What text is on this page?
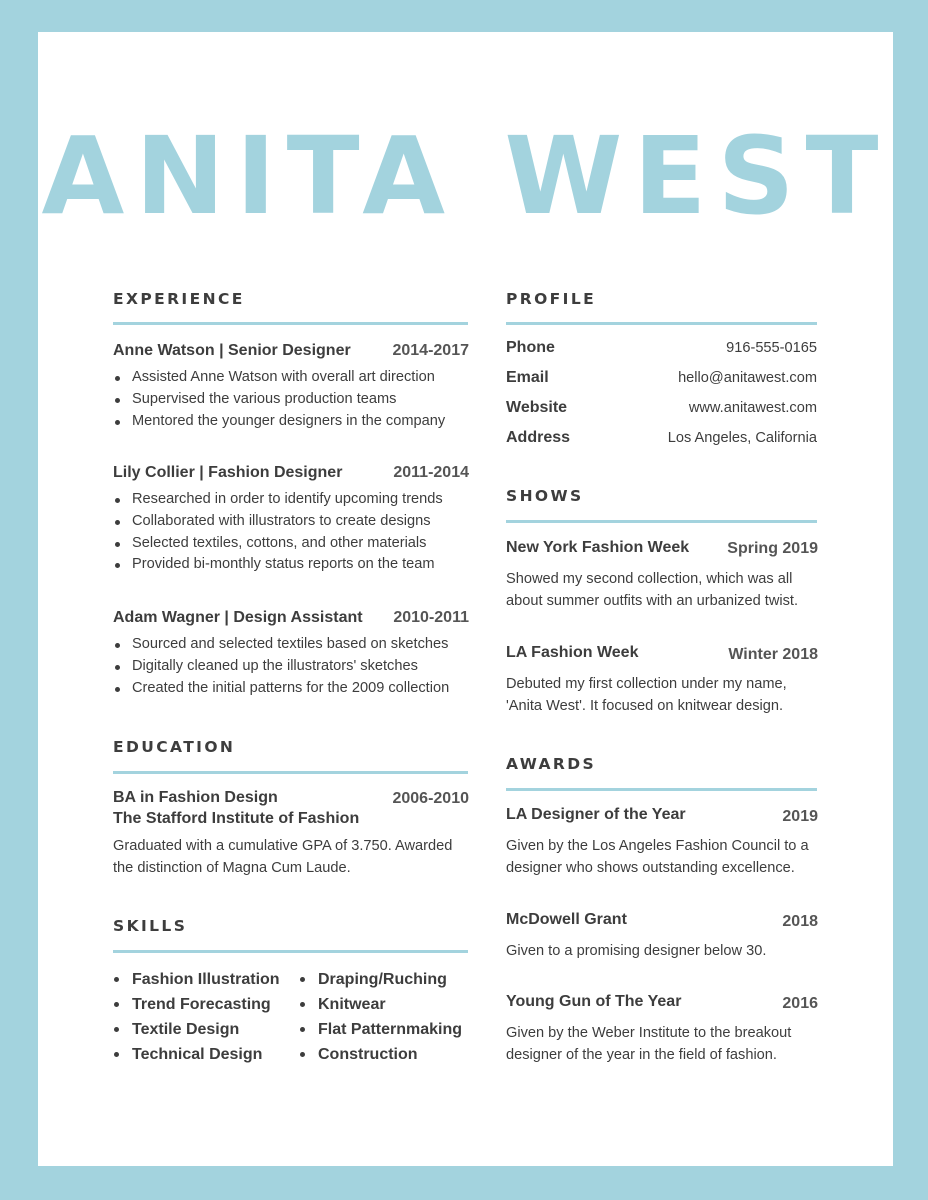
ANITA WEST
EXPERIENCE
Anne Watson | Senior Designer	2014-2017
Assisted Anne Watson with overall art direction
Supervised the various production teams
Mentored the younger designers in the company
Lily Collier | Fashion Designer	2011-2014
Researched in order to identify upcoming trends
Collaborated with illustrators to create designs
Selected textiles, cottons, and other materials
Provided bi-monthly status reports on the team
Adam Wagner | Design Assistant 2010-2011
Sourced and selected textiles based on sketches
Digitally cleaned up the illustrators' sketches
Created the initial patterns for the 2009 collection
EDUCATION
BA in Fashion Design
The Stafford Institute of Fashion
2006-2010
Graduated with a cumulative GPA of 3.750. Awarded
the distinction of Magna Cum Laude.
SKILLS
Fashion Illustration
Trend Forecasting
Textile Design
Technical Design
Draping/Ruching
Knitwear
Flat Patternmaking
Construction
PROFILE
Phone	916-555-0165
Email	hello@anitawest.com
Website	www.anitawest.com
Address	Los Angeles, California
SHOWS
New York Fashion Week Spring 2019
Showed my second collection, which was all
about summer outfits with an urbanized twist.
LA Fashion Week	Winter 2018
Debuted my first collection under my name,
'Anita West'. It focused on knitwear design.
AWARDS
LA Designer of the Year	2019
Given by the Los Angeles Fashion Council to a
designer who shows outstanding excellence.
McDowell Grant	2018
Given to a promising designer below 30.
Young Gun of The Year	2016
Given by the Weber Institute to the breakout
designer of the year in the field of fashion.
